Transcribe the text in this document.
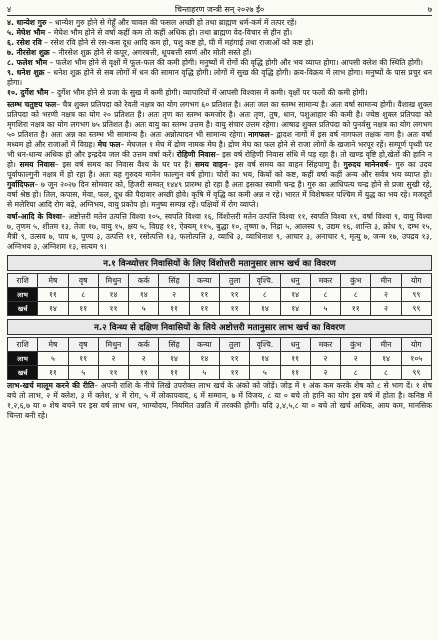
४	चिन्ताहरण जन्त्री सन् २०२७ ई०	७

४. धान्येश गुरु – धान्येश गुरु होने से गेहूँ और चावल की फसल अच्छी हो तथा ब्राह्मण धर्म-कर्म में तत्पर रहें।

५. मेघेश भौम – मेघेश भौम होने से वर्षा कहीं कम तो कहीं अधिक हो। तथा ब्राह्मण वेद-विचार से हीन हों।

६. रसेश रवि – रसेश रवि होने से रस-कस दूध आदि कम हो, पशु कष्ट हो, घी में महंगाई तथा राजाओं को कष्ट हो।

७. नीरसेश शुक्र – नीरसेश शुक्र होने से कपूर, अगरबत्ती, धूपबत्ती स्वर्ण और मोती सस्ते हों।

८. फलेश भौम – फलेश भौम होने से वृक्षों में फूल-फल की कमी होगी। मनुष्यों में रोगों की वृद्धि होगी और भय व्याप्त होगा। आपसी क्लेश की स्थिति होगी।

९. धनेश शुक्र – धनेश शुक्र होने से सब लोगों में धन की सामान वृद्धि होगी। लोगों में सुख की वृद्धि होगी। क्रय-विक्रय में लाभ होगा। मनुष्यों के पास प्रचुर धन होगा।

१०. दुर्गेश भौम – दुर्गेश भौम होने से प्रजा के सुख में कमी होगी। व्यापारियों में आपसी विश्वास में कमी। वृक्षों पर फलों की कमी होगी।

स्तम्भ चतुष्टय फल– चैत्र शुक्ल प्रतिपदा को रेवती नक्षत्र का योग लगभग ६० प्रतिशत है। अतः जल का स्तम्भ सामान्य है। अतः वर्षा सामान्य होगी। वैशाख शुक्ल प्रतिपदा को भरणी नक्षत्र का योग २० प्रतिशत है। अतः तृण का स्तम्भ कमजोर है। अतः तृण, तुष, धान, पशुआहार की कमी है। ज्येष्ठ शुक्ल प्रतिपदा को मृगशिरा नक्षत्र का योग लगभग ७५ प्रतिशत है। अतः वायु का स्तम्भ उत्तम है। वायु संचार उत्तम रहेगा। आषाढ शुक्ल प्रतिपदा को पुनर्वसु नक्षत्र का योग लगभग ५० प्रतिशत है। अतः अन्न का स्तम्भ भी सामान्य है। अतः अन्नोत्पादन भी सामान्य रहेगा। नागफल– द्वादश नागों में इस वर्ष नागफल तक्षक नाग है। अतः वर्षा मध्यम हो और राजाओं में विग्रह। मेघ फल– मेघजल १ मेघ में द्रोण नामक मेघ है। द्रोण मेघ का फल होने से राजा लोगों के खजाने भरपूर रहें। सम्पूर्ण पृथ्वी पर भी धन-धान्य अधिक हो और इन्द्रदेव जल की उत्तम वर्षा करें। रोहिणी निवास– इस वर्ष रोहिणी निवास संधि में पड़ रहा है। तो खण्ड वृष्टि हो,खेतों की हानि न हो। समय निवास– इस वर्ष समय का निवास वैश्य के घर पर है। समय वाहन– इस वर्ष समय का वाहन सिंहपाणु है। गुरुदय मानेनवर्ष– गुरु का उदय पूर्वाफाल्गुनी नक्षत्र में हो रहा है। अतः यह गुरुदय मानेन फाल्गुन वर्ष होगा। चोरों का भय, कियों को कष्ट, कहीं वर्षा कहीं अन्य और सर्वत्र भय व्याप्त हो। गुर्वादिफल– ७ जून २०२७ दिन सोमवार को, हिजरी सम्वत् १४४९ प्रारम्भ हो रहा है अतः इसका स्वामी चन्द्र है। गुरु का आधिपत्य चन्द्र होने से प्रजा सुखी रहे, वर्षा श्रेष्ठ हो। तिल, कपास, मेवा, फल, दूध की पैदावार अच्छी होवे। कृषि में वृद्धि का कमी अन्न न रहे। भारत में विशेषकर पश्चिम में युद्ध का भय रहे। मजदूरों से मलेरिया आदि रोग बढ़े, अग्निभय, वायु प्रकोप हो। मनुष्य सम्पन्न रहें। पक्षियों में रोग व्याप्ते।

वर्षा-आदि के विश्वा– अष्टोत्तरी मतेन उत्पत्ति विश्वा १०५, स्वपति विश्वा १६, विंशोत्तरी मतेन उत्पत्ति विश्वा ११, स्वपति विश्वा १९, वर्षा विश्वा ९, वायु विश्वा ७, तृणम ५, शीतम १३, तेजः १७, वायु १५, क्षय ५, विग्रह ११, ऐक्यम् ११५, बुद्धा १०, तृष्णा ७, निद्रा ५, आलस्य ९, उद्यम १६, शान्ति ३, क्रोध ९, दम्भ १५, मैत्री ९, उत्सव ७, पाप ७, पुण्य ३, उत्पत्ति ११, रसोत्पत्ति १३, फलोत्पत्ति ३, व्याधि ३, व्याधिनाश ९, आचार ३, अनाचार ९, मृत्यु ७, जन्म १७, उपद्रव १३, अग्निभय ३, अग्निशम १३, सत्यम ९।

न.१ विन्ध्योत्तर निवासियों के लिए विंशोत्तरी मतानुसार लाभ खर्च का विवरण
राशि	मेष	वृष	मिथुन	कर्क	सिंह	कन्या	तुला	वृश्चि.	धनु	मकर	कुंभ	मीन	योग
लाभ	११	८	१४	१४	२	११	११	८	१४	८	८	२	९९
खर्च	१४	११	११	५	११	११	११	१४	१४	५	११	२	९९
न.२ विन्ध्य से दक्षिण निवासियों के लिये अष्टोत्तरी मतानुसार लाभ खर्च का विवरण
राशि	मेष	वृष	मिथुन	कर्क	सिंह	कन्या	तुला	वृश्चि.	धनु	मकर	कुंभ	मीन	योग
लाभ	५	११	२	२	१४	१४	११	१४	११	२	२	१४	१०५
खर्च	११	५	११	११	११	५	११	५	११	२	८	८	९९
लाभ-खर्च मालूम करने की रीति– अपनी राशि के नीचे लिखे उपरोक्त लाभ खर्च के अंको को जोड़ें। जोड़ में १ अंक कम करके शेष को ८ से भाग दें। १ शेष बचे तो लाभ, २ में क्लेश, ३ में क्लेश, ४ में रोग, ५ में लोकापवाद, ६ में सम्मान, ७ में विजय, ८ या ० बचे तो हानि का योग इस वर्ष में होता है। कनिष्ठ में १,२,६,७ या ० शेष बचने पर इस वर्ष लाभ धन, भाग्योदय, नियमित उन्नति में तरक्की होगी। यदि ३,४,५,८ या ० बचे तो खर्च अधिक, आय कम, मानसिक चिन्ता बनी रहे।
